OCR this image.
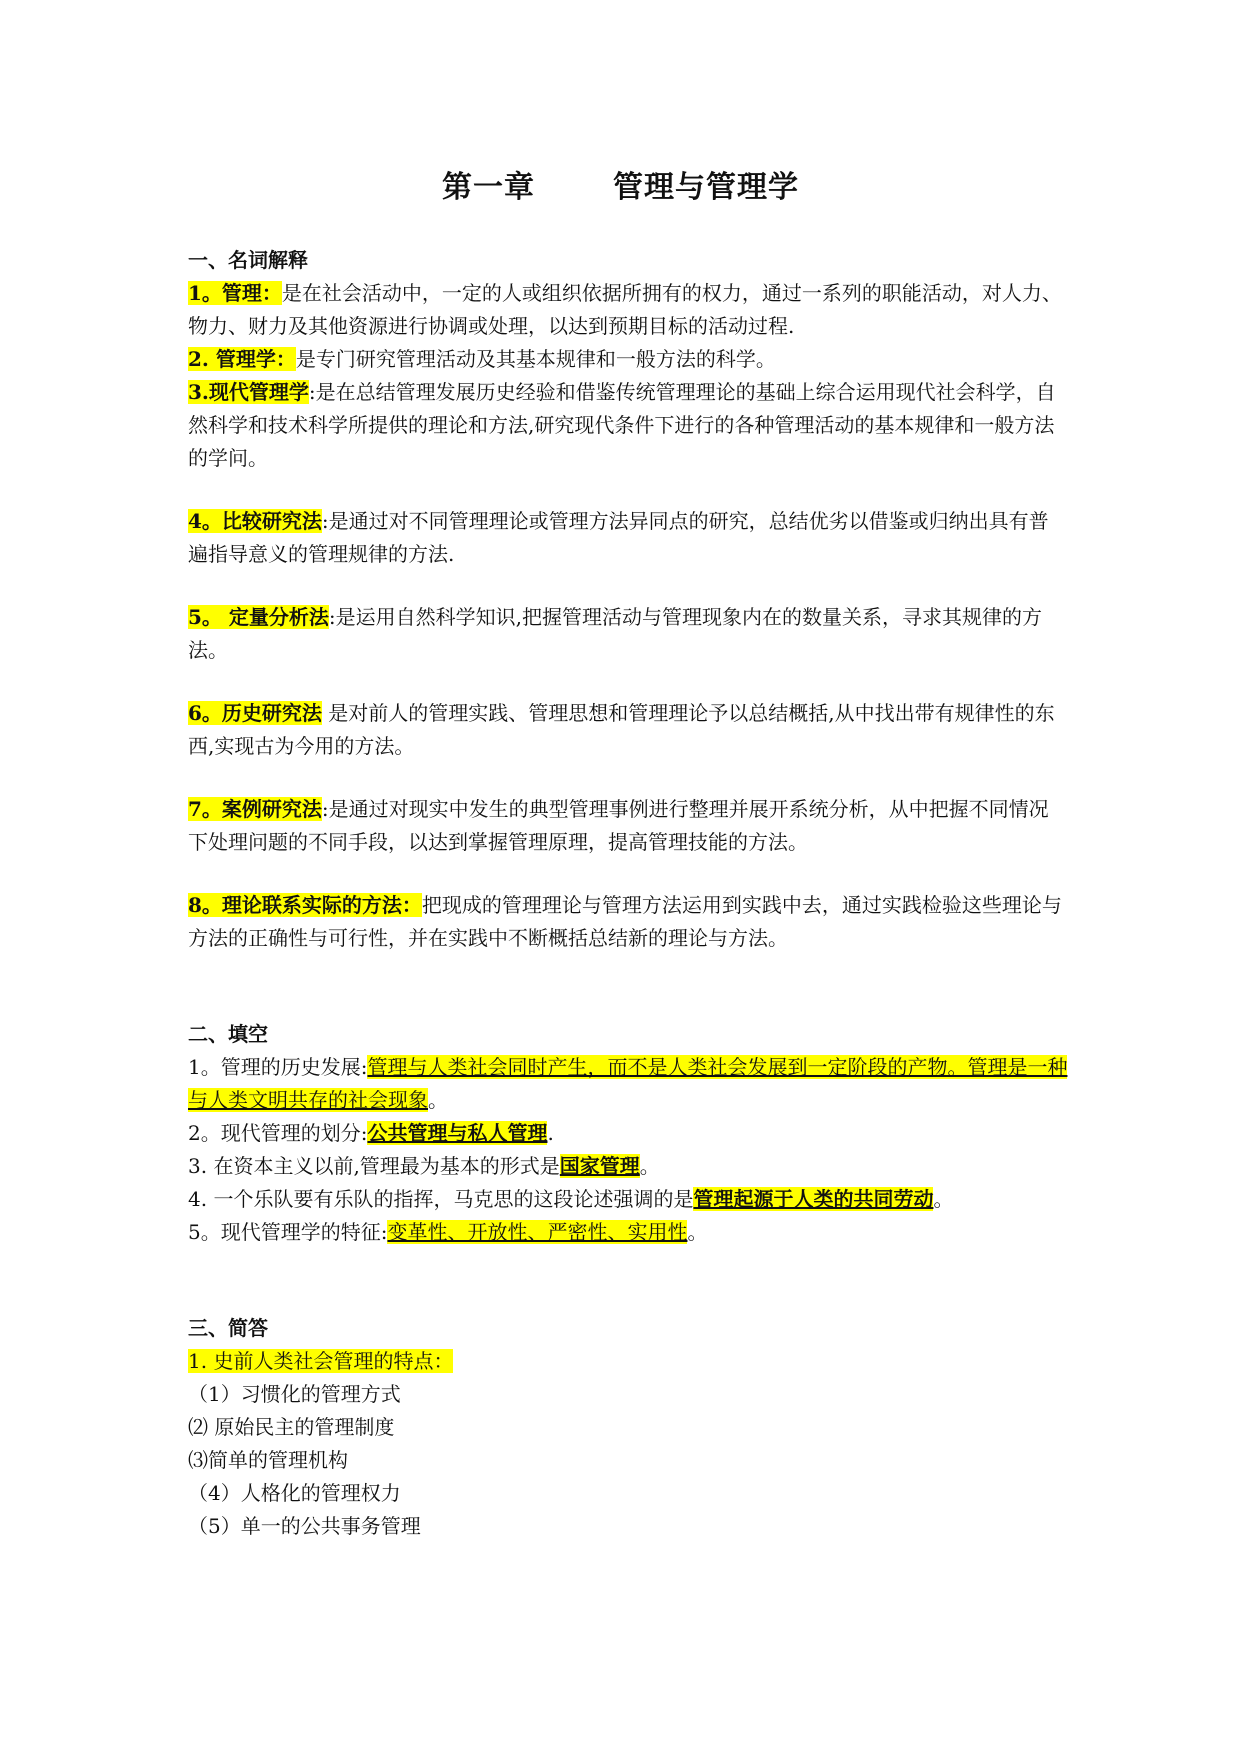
第一章	管理与管理学

一、名词解释

1。管理：是在社会活动中，一定的人或组织依据所拥有的权力，通过一系列的职能活动，对人力、物力、财力及其他资源进行协调或处理，以达到预期目标的活动过程.

2. 管理学：是专门研究管理活动及其基本规律和一般方法的科学。

3.现代管理学:是在总结管理发展历史经验和借鉴传统管理理论的基础上综合运用现代社会科学，自然科学和技术科学所提供的理论和方法,研究现代条件下进行的各种管理活动的基本规律和一般方法的学问。

4。比较研究法:是通过对不同管理理论或管理方法异同点的研究，总结优劣以借鉴或归纳出具有普遍指导意义的管理规律的方法.

5。 定量分析法:是运用自然科学知识,把握管理活动与管理现象内在的数量关系，寻求其规律的方法。

6。历史研究法 是对前人的管理实践、管理思想和管理理论予以总结概括,从中找出带有规律性的东西,实现古为今用的方法。

7。案例研究法:是通过对现实中发生的典型管理事例进行整理并展开系统分析，从中把握不同情况下处理问题的不同手段，以达到掌握管理原理，提高管理技能的方法。

8。理论联系实际的方法：把现成的管理理论与管理方法运用到实践中去，通过实践检验这些理论与方法的正确性与可行性，并在实践中不断概括总结新的理论与方法。

二、填空

1。管理的历史发展:管理与人类社会同时产生，而不是人类社会发展到一定阶段的产物。管理是一种与人类文明共存的社会现象。

2。现代管理的划分:公共管理与私人管理.

3. 在资本主义以前,管理最为基本的形式是国家管理。

4. 一个乐队要有乐队的指挥，马克思的这段论述强调的是管理起源于人类的共同劳动。

5。现代管理学的特征:变革性、开放性、严密性、实用性。

三、简答

1. 史前人类社会管理的特点：

（1）习惯化的管理方式

⑵ 原始民主的管理制度

⑶简单的管理机构

（4）人格化的管理权力

（5）单一的公共事务管理
